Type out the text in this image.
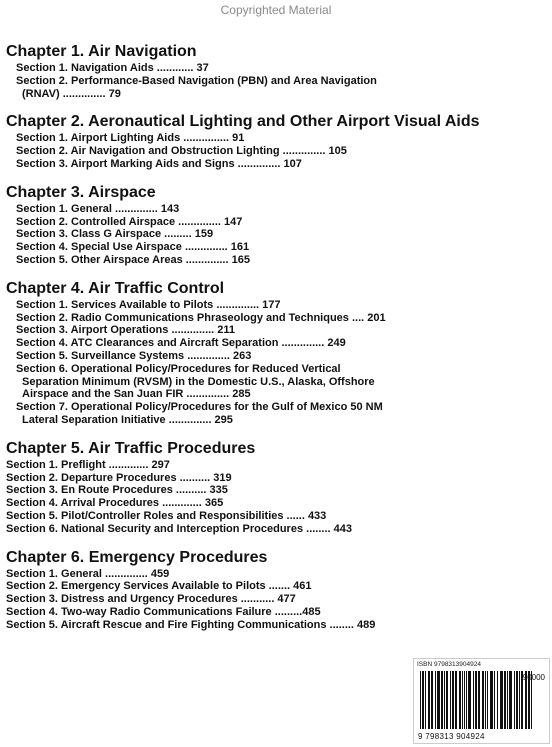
Copyrighted Material

Chapter 1. Air Navigation

Section 1. Navigation Aids ............ 37

Section 2. Performance-Based Navigation (PBN) and Area Navigation

(RNAV) .............. 79

Chapter 2. Aeronautical Lighting and Other Airport Visual Aids

Section 1. Airport Lighting Aids ............... 91

Section 2. Air Navigation and Obstruction Lighting .............. 105

Section 3. Airport Marking Aids and Signs .............. 107

Chapter 3. Airspace

Section 1. General .............. 143

Section 2. Controlled Airspace .............. 147

Section 3. Class G Airspace ......... 159

Section 4. Special Use Airspace .............. 161

Section 5. Other Airspace Areas .............. 165

Chapter 4. Air Traffic Control

Section 1. Services Available to Pilots .............. 177

Section 2. Radio Communications Phraseology and Techniques .... 201

Section 3. Airport Operations .............. 211

Section 4. ATC Clearances and Aircraft Separation .............. 249

Section 5. Surveillance Systems .............. 263

Section 6. Operational Policy/Procedures for Reduced Vertical

Separation Minimum (RVSM) in the Domestic U.S., Alaska, Offshore

Airspace and the San Juan FIR .............. 285

Section 7. Operational Policy/Procedures for the Gulf of Mexico 50 NM

Lateral Separation Initiative .............. 295

Chapter 5. Air Traffic Procedures

Section 1. Preflight ............. 297

Section 2. Departure Procedures .......... 319

Section 3. En Route Procedures .......... 335

Section 4. Arrival Procedures ............. 365

Section 5. Pilot/Controller Roles and Responsibilities ...... 433

Section 6. National Security and Interception Procedures ........ 443

Chapter 6. Emergency Procedures

Section 1. General .............. 459

Section 2. Emergency Services Available to Pilots ....... 461

Section 3. Distress and Urgency Procedures ........... 477

Section 4. Two-way Radio Communications Failure .........485

Section 5. Aircraft Rescue and Fire Fighting Communications ........ 489

ISBN 9798313904924
90000
9 798313 904924
